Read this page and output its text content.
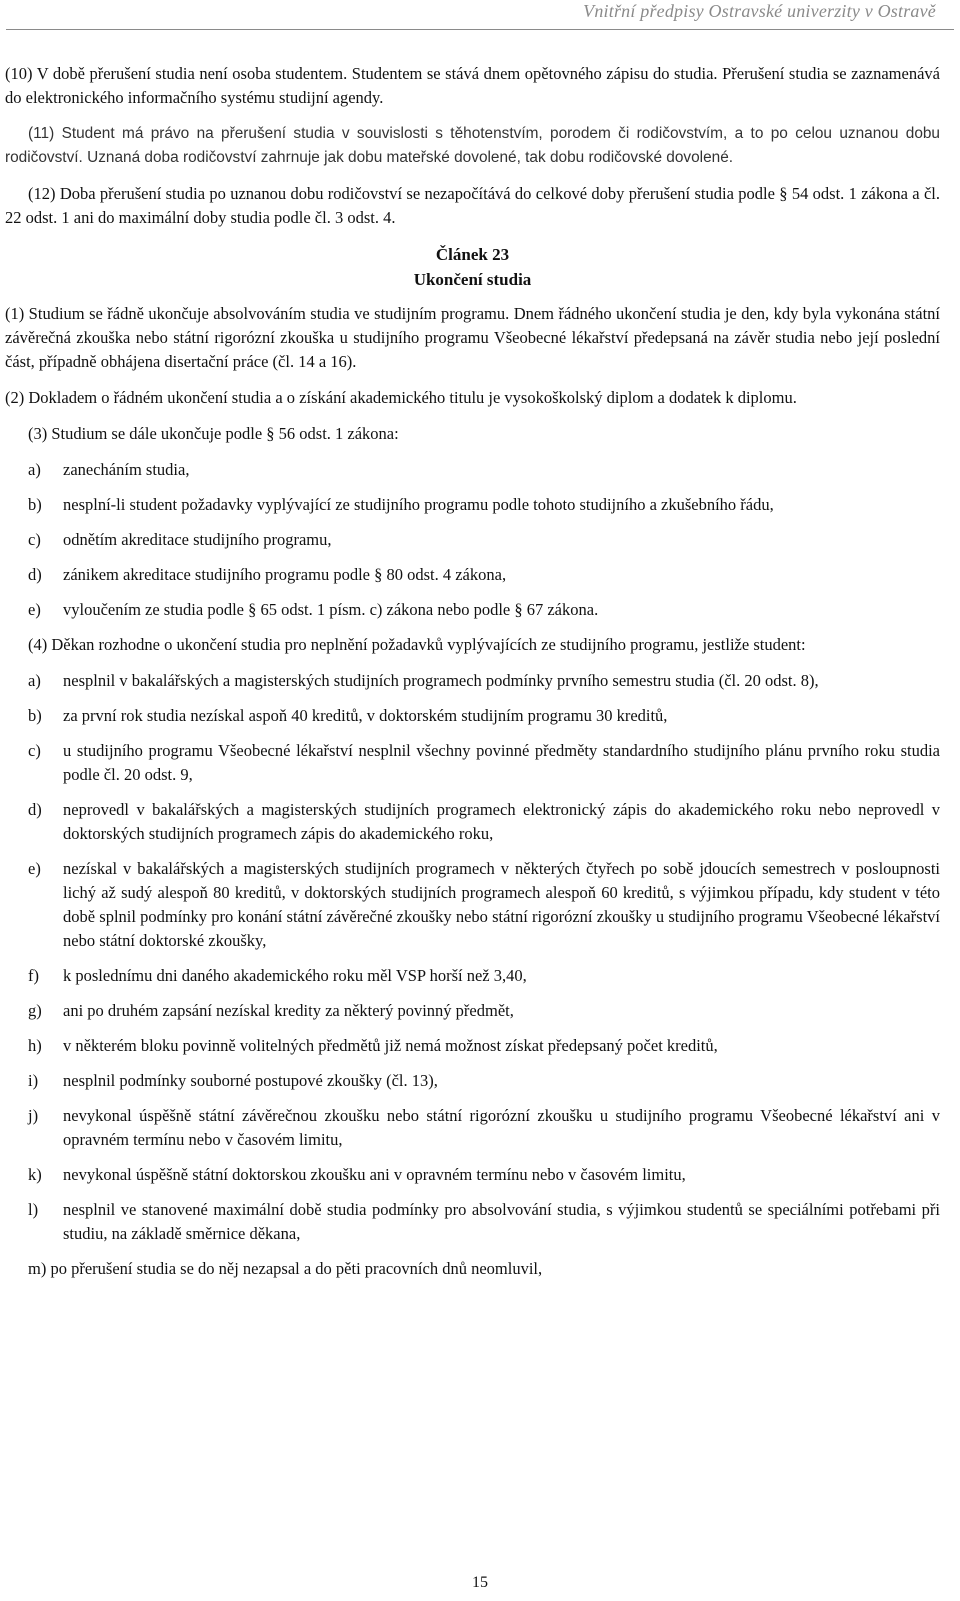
Vnitřní předpisy Ostravské univerzity v Ostravě

(10) V době přerušení studia není osoba studentem. Studentem se stává dnem opětovného zápisu do studia. Přerušení studia se zaznamenává do elektronického informačního systému studijní agendy.

(11) Student má právo na přerušení studia v souvislosti s těhotenstvím, porodem či rodičovstvím, a to po celou uznanou dobu rodičovství. Uznaná doba rodičovství zahrnuje jak dobu mateřské dovolené, tak dobu rodičovské dovolené.

(12) Doba přerušení studia po uznanou dobu rodičovství se nezapočítává do celkové doby přerušení studia podle § 54 odst. 1 zákona a čl. 22 odst. 1 ani do maximální doby studia podle čl. 3 odst. 4.

Článek 23
Ukončení studia

(1) Studium se řádně ukončuje absolvováním studia ve studijním programu. Dnem řádného ukončení studia je den, kdy byla vykonána státní závěrečná zkouška nebo státní rigorózní zkouška u studijního programu Všeobecné lékařství předepsaná na závěr studia nebo její poslední část, případně obhájena disertační práce (čl. 14 a 16).

(2) Dokladem o řádném ukončení studia a o získání akademického titulu je vysokoškolský diplom a dodatek k diplomu.

(3) Studium se dále ukončuje podle § 56 odst. 1 zákona:

a) zanecháním studia,
b) nesplní-li student požadavky vyplývající ze studijního programu podle tohoto studijního a zkušebního řádu,
c) odnětím akreditace studijního programu,
d) zánikem akreditace studijního programu podle § 80 odst. 4 zákona,
e) vyloučením ze studia podle § 65 odst. 1 písm. c) zákona nebo podle § 67 zákona.

(4) Děkan rozhodne o ukončení studia pro neplnění požadavků vyplývajících ze studijního programu, jestliže student:

a) nesplnil v bakalářských a magisterských studijních programech podmínky prvního semestru studia (čl. 20 odst. 8),
b) za první rok studia nezískal aspoň 40 kreditů, v doktorském studijním programu 30 kreditů,
c) u studijního programu Všeobecné lékařství nesplnil všechny povinné předměty standardního studijního plánu prvního roku studia podle čl. 20 odst. 9,
d) neprovedl v bakalářských a magisterských studijních programech elektronický zápis do akademického roku nebo neprovedl v doktorských studijních programech zápis do akademického roku,
e) nezískal v bakalářských a magisterských studijních programech v některých čtyřech po sobě jdoucích semestrech v posloupnosti lichý až sudý alespoň 80 kreditů, v doktorských studijních programech alespoň 60 kreditů, s výjimkou případu, kdy student v této době splnil podmínky pro konání státní závěrečné zkoušky nebo státní rigorózní zkoušky u studijního programu Všeobecné lékařství nebo státní doktorské zkoušky,
f) k poslednímu dni daného akademického roku měl VSP horší než 3,40,
g) ani po druhém zapsání nezískal kredity za některý povinný předmět,
h) v některém bloku povinně volitelných předmětů již nemá možnost získat předepsaný počet kreditů,
i) nesplnil podmínky souborné postupové zkoušky (čl. 13),
j) nevykonal úspěšně státní závěrečnou zkoušku nebo státní rigorózní zkoušku u studijního programu Všeobecné lékařství ani v opravném termínu nebo v časovém limitu,
k) nevykonal úspěšně státní doktorskou zkoušku ani v opravném termínu nebo v časovém limitu,
l) nesplnil ve stanovené maximální době studia podmínky pro absolvování studia, s výjimkou studentů se speciálními potřebami při studiu, na základě směrnice děkana,
m) po přerušení studia se do něj nezapsal a do pěti pracovních dnů neomluvil,
15
